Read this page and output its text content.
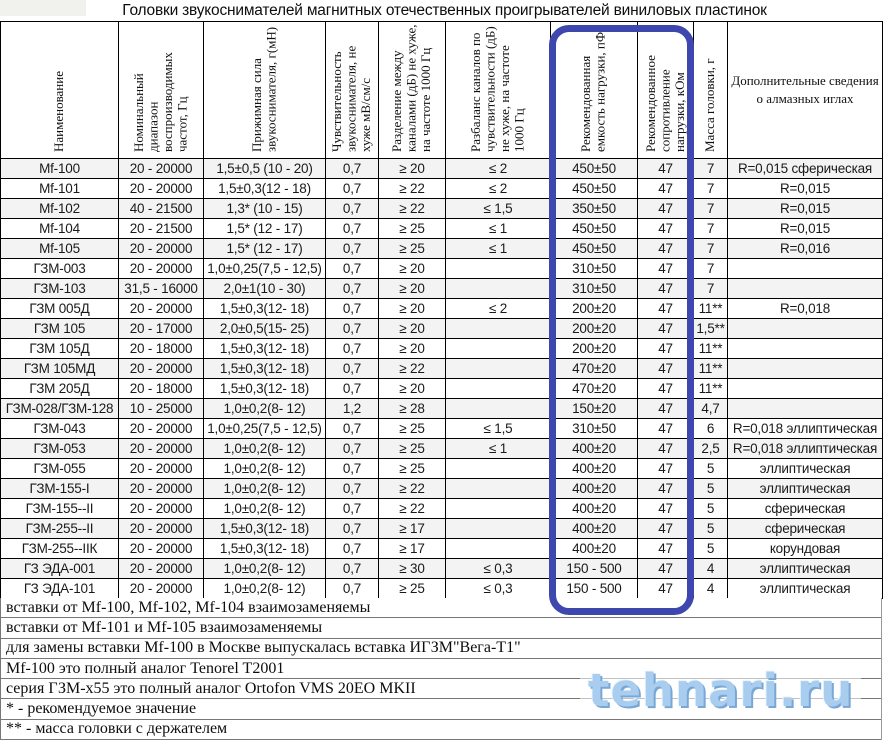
Головки звукоснимателей магнитных отечественных проигрывателей виниловых пластинок
Наименование	Номинальный диапазон воспроизводимых частот, Гц	Прижимная сила звукоснимателя, г(мН)	Чувствительность звукоснимателя, не хуже мВ/см/с	Разделение между каналами (дБ) не хуже, на частоте 1000 Гц	Разбаланс каналов по чувствительности (дБ) не хуже, на частоте 1000 Гц	Рекомендованная емкость нагрузки, пФ	Рекомендованное сопротивление нагрузки, кОм	Масса головки, г	Дополнительные сведения о алмазных иглах
Mf-100	20 - 20000	1,5±0,5 (10 - 20)	0,7	≥ 20	≤ 2	450±50	47	7	R=0,015 сферическая
Mf-101	20 - 20000	1,5±0,3(12 - 18)	0,7	≥ 22	≤ 2	450±50	47	7	R=0,015
Mf-102	40 - 21500	1,3* (10 - 15)	0,7	≥ 22	≤ 1,5	350±50	47	7	R=0,015
Mf-104	20 - 21500	1,5* (12 - 17)	0,7	≥ 25	≤ 1	450±50	47	7	R=0,015
Mf-105	20 - 20000	1,5* (12 - 17)	0,7	≥ 25	≤ 1	450±50	47	7	R=0,016
ГЗМ-003	20 - 20000	1,0±0,25(7,5 - 12,5)	0,7	≥ 20		310±50	47	7	
ГЗМ-103	31,5 - 16000	2,0±1(10 - 30)	0,7	≥ 20		310±50	47	7	
ГЗМ 005Д	20 - 20000	1,5±0,3(12- 18)	0,7	≥ 20	≤ 2	200±20	47	11**	R=0,018
ГЗМ 105	20 - 17000	2,0±0,5(15- 25)	0,7	≥ 20		200±20	47	1,5**	
ГЗМ 105Д	20 - 18000	1,5±0,3(12- 18)	0,7	≥ 20		200±20	47	11**	
ГЗМ 105МД	20 - 20000	1,5±0,3(12- 18)	0,7	≥ 22		470±20	47	11**	
ГЗМ 205Д	20 - 18000	1,5±0,3(12- 18)	0,7	≥ 20		470±20	47	11**	
ГЗМ-028/ГЗМ-128	10 - 25000	1,0±0,2(8- 12)	1,2	≥ 28		150±20	47	4,7	
ГЗМ-043	20 - 20000	1,0±0,25(7,5 - 12,5)	0,7	≥ 25	≤ 1,5	310±50	47	6	R=0,018 эллиптическая
ГЗМ-053	20 - 20000	1,0±0,2(8- 12)	0,7	≥ 25	≤ 1	400±20	47	2,5	R=0,018 эллиптическая
ГЗМ-055	20 - 20000	1,0±0,2(8- 12)	0,7	≥ 25		400±20	47	5	эллиптическая
ГЗМ-155-I	20 - 20000	1,0±0,2(8- 12)	0,7	≥ 22		400±20	47	5	эллиптическая
ГЗМ-155--II	20 - 20000	1,0±0,2(8- 12)	0,7	≥ 22		400±20	47	5	сферическая
ГЗМ-255--II	20 - 20000	1,5±0,3(12- 18)	0,7	≥ 17		400±20	47	5	сферическая
ГЗМ-255--IIК	20 - 20000	1,5±0,3(12- 18)	0,7	≥ 17		400±20	47	5	корундовая
ГЗ ЭДА-001	20 - 20000	1,0±0,2(8- 12)	0,7	≥ 30	≤ 0,3	150 - 500	47	4	эллиптическая
ГЗ ЭДА-101	20 - 20000	1,0±0,2(8- 12)	0,7	≥ 25	≤ 0,3	150 - 500	47	4	эллиптическая
вставки от Mf-100, Mf-102, Mf-104 взаимозаменяемы
вставки от Mf-101 и Mf-105 взаимозаменяемы
для замены вставки Mf-100 в Москве выпускалась вставка ИГЗМ"Вега-Т1"
Mf-100 это полный аналог Tenorel T2001
серия ГЗМ-х55 это полный аналог Ortofon VMS 20EO MKII
* - рекомендуемое значение
** - масса головки с держателем
tehnari.ru
